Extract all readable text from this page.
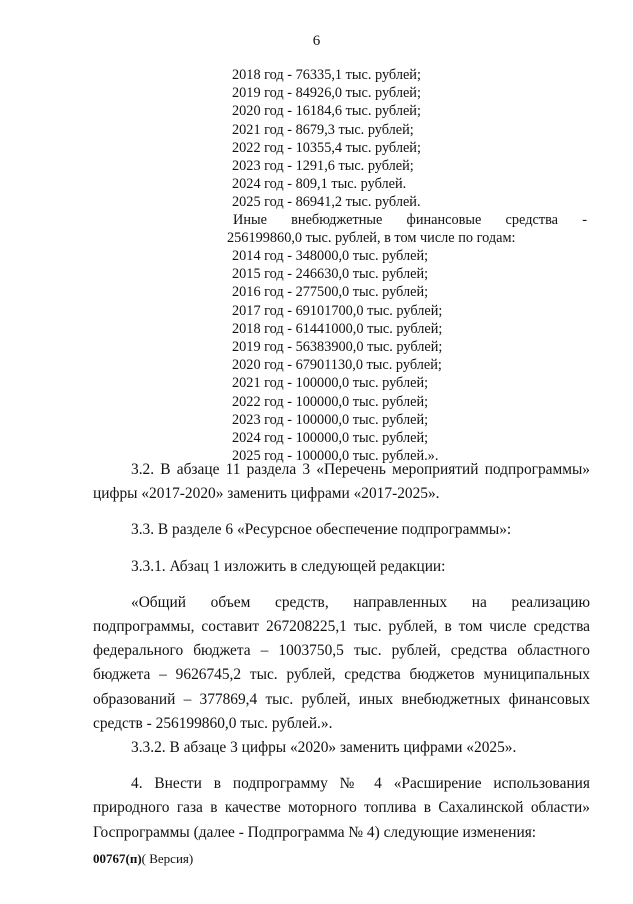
6
2018 год - 76335,1 тыс. рублей;
2019 год - 84926,0 тыс. рублей;
2020 год - 16184,6 тыс. рублей;
2021 год - 8679,3 тыс. рублей;
2022 год - 10355,4 тыс. рублей;
2023 год - 1291,6 тыс. рублей;
2024 год - 809,1 тыс. рублей.
2025 год - 86941,2 тыс. рублей.
Иные внебюджетные финансовые средства -
256199860,0 тыс. рублей, в том числе по годам:
2014 год - 348000,0 тыс. рублей;
2015 год - 246630,0 тыс. рублей;
2016 год - 277500,0 тыс. рублей;
2017 год - 69101700,0 тыс. рублей;
2018 год - 61441000,0 тыс. рублей;
2019 год - 56383900,0 тыс. рублей;
2020 год - 67901130,0 тыс. рублей;
2021 год - 100000,0 тыс. рублей;
2022 год - 100000,0 тыс. рублей;
2023 год - 100000,0 тыс. рублей;
2024 год - 100000,0 тыс. рублей;
2025 год - 100000,0 тыс. рублей.».

3.2. В абзаце 11 раздела 3 «Перечень мероприятий подпрограммы» цифры «2017-2020» заменить цифрами «2017-2025».

3.3. В разделе 6 «Ресурсное обеспечение подпрограммы»:

3.3.1. Абзац 1 изложить в следующей редакции:

«Общий объем средств, направленных на реализацию подпрограммы, составит 267208225,1 тыс. рублей, в том числе средства федерального бюджета – 1003750,5 тыс. рублей, средства областного бюджета – 9626745,2 тыс. рублей, средства бюджетов муниципальных образований – 377869,4 тыс. рублей, иных внебюджетных финансовых средств - 256199860,0 тыс. рублей.».

3.3.2. В абзаце 3 цифры «2020» заменить цифрами «2025».

4. Внести в подпрограмму № 4 «Расширение использования природного газа в качестве моторного топлива в Сахалинской области» Госпрограммы (далее - Подпрограмма № 4) следующие изменения:

00767(п)( Версия)
